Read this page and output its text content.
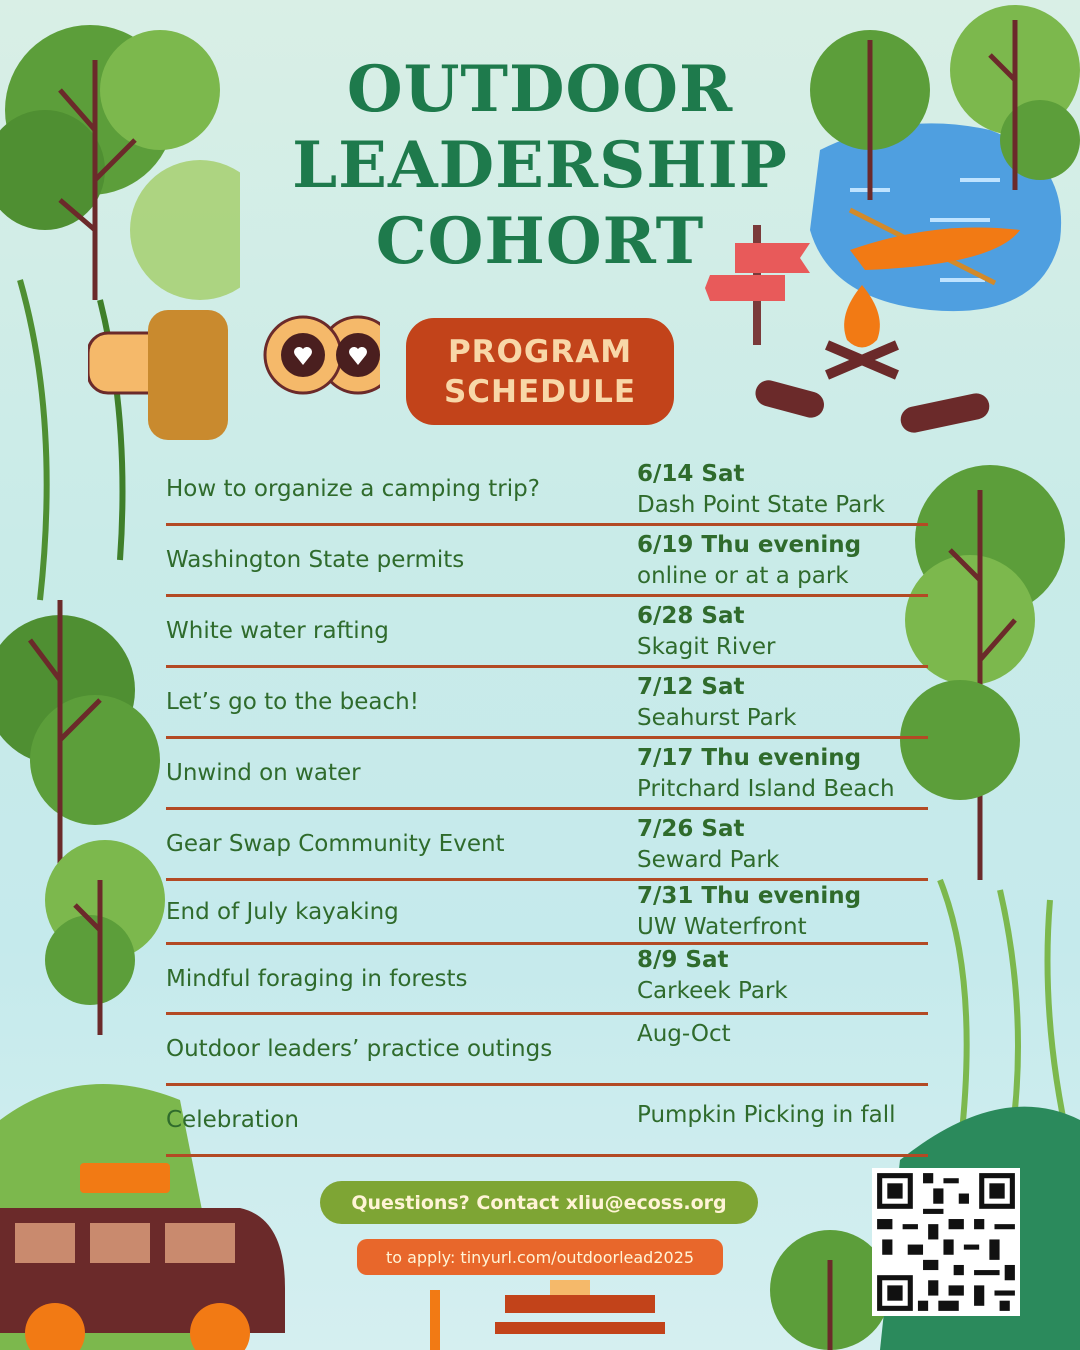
OUTDOOR
LEADERSHIP
COHORT
PROGRAM
SCHEDULE
How to organize a camping trip?
6/14 Sat
Dash Point State Park
Washington State permits
6/19 Thu evening
online or at a park
White water rafting
6/28 Sat
Skagit River
Let’s go to the beach!
7/12 Sat
Seahurst Park
Unwind on water
7/17 Thu evening
Pritchard Island Beach
Gear Swap Community Event
7/26 Sat
Seward Park
End of July kayaking
7/31 Thu evening
UW Waterfront
Mindful foraging in forests
8/9 Sat
Carkeek Park
Outdoor leaders’ practice outings
Aug-Oct
Celebration	Pumpkin Picking in fall
Questions? Contact xliu@ecoss.org
to apply: tinyurl.com/outdoorlead2025
